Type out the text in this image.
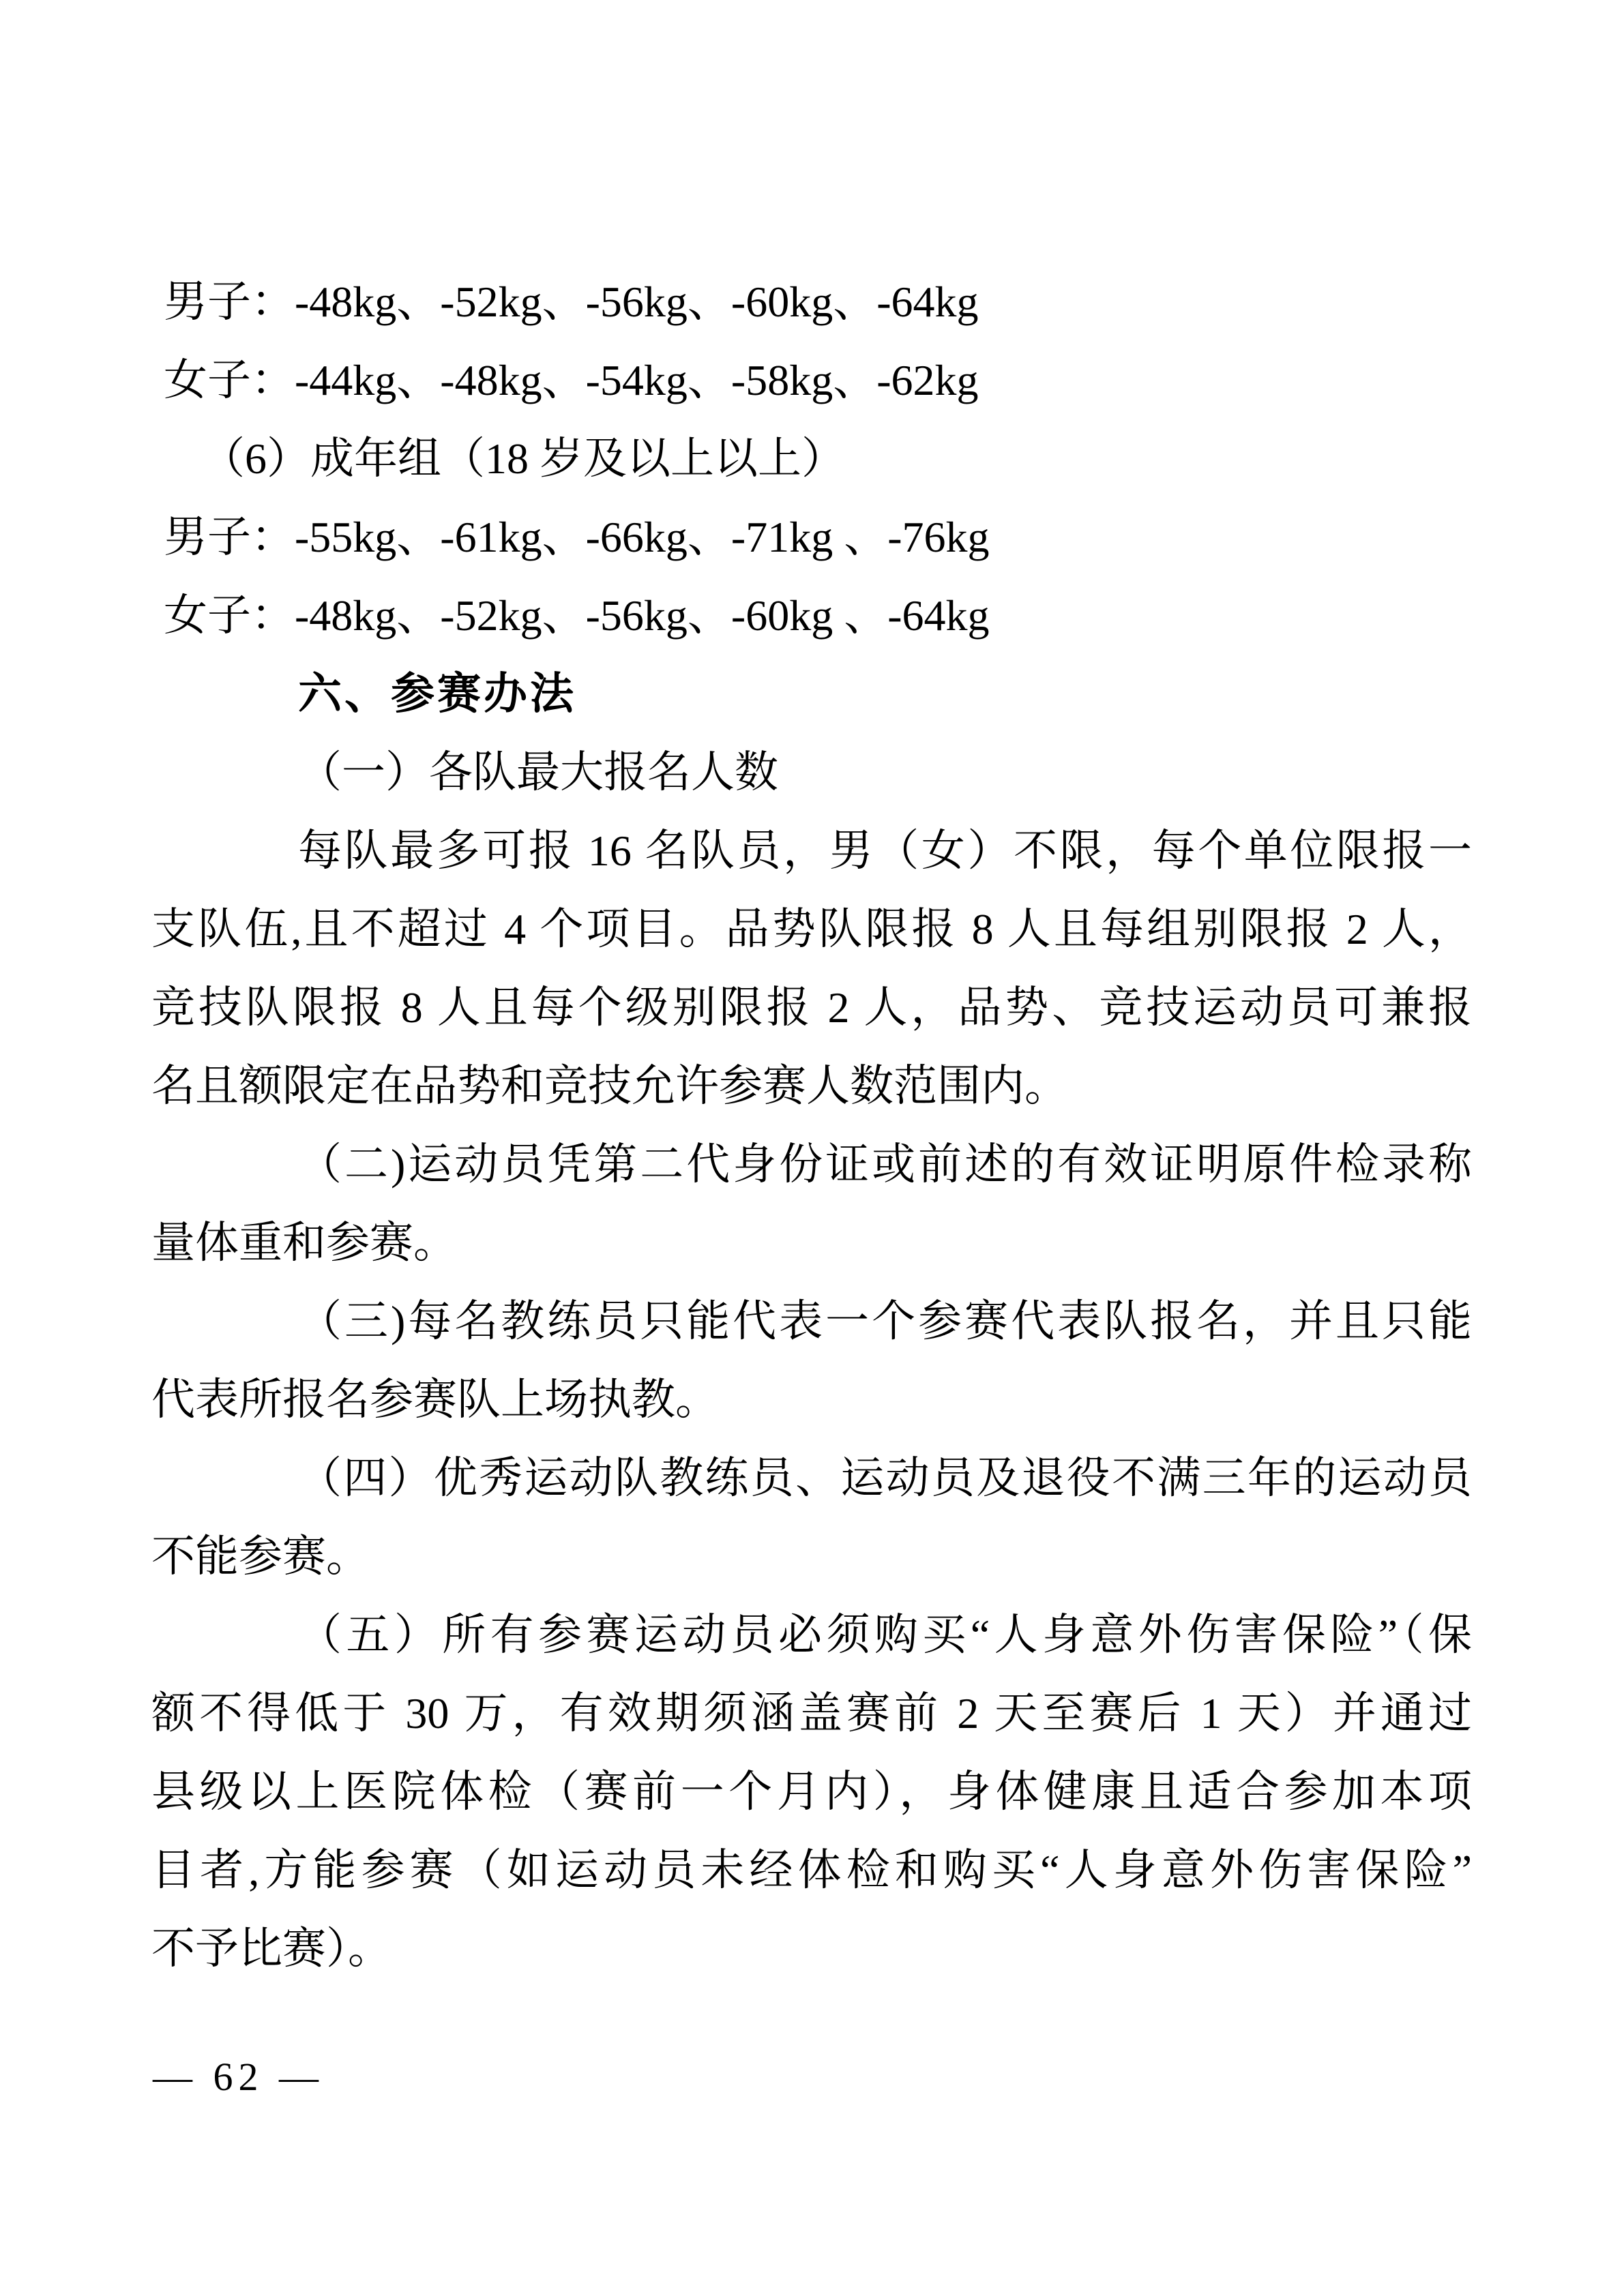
男子：-48kg、-52kg、-56kg、-60kg、-64kg

女子：-44kg、-48kg、-54kg、-58kg、-62kg

（6）成年组（18 岁及以上以上）

男子：-55kg、-61kg、-66kg、-71kg 、-76kg

女子：-48kg、-52kg、-56kg、-60kg 、-64kg

六、参赛办法

（一）各队最大报名人数

每队最多可报 16 名队员，男（女）不限，每个单位限报一

支队伍,且不超过 4 个项目。品势队限报 8 人且每组别限报 2 人，

竞技队限报 8 人且每个级别限报 2 人，品势、竞技运动员可兼报

名且额限定在品势和竞技允许参赛人数范围内。

（二)运动员凭第二代身份证或前述的有效证明原件检录称

量体重和参赛。

（三)每名教练员只能代表一个参赛代表队报名，并且只能

代表所报名参赛队上场执教。

（四）优秀运动队教练员、运动员及退役不满三年的运动员

不能参赛。

（五）所有参赛运动员必须购买“人身意外伤害保险”（保

额不得低于 30 万，有效期须涵盖赛前 2 天至赛后 1 天）并通过

县级以上医院体检（赛前一个月内），身体健康且适合参加本项

目者,方能参赛（如运动员未经体检和购买“人身意外伤害保险”

不予比赛）。

— 62 —
